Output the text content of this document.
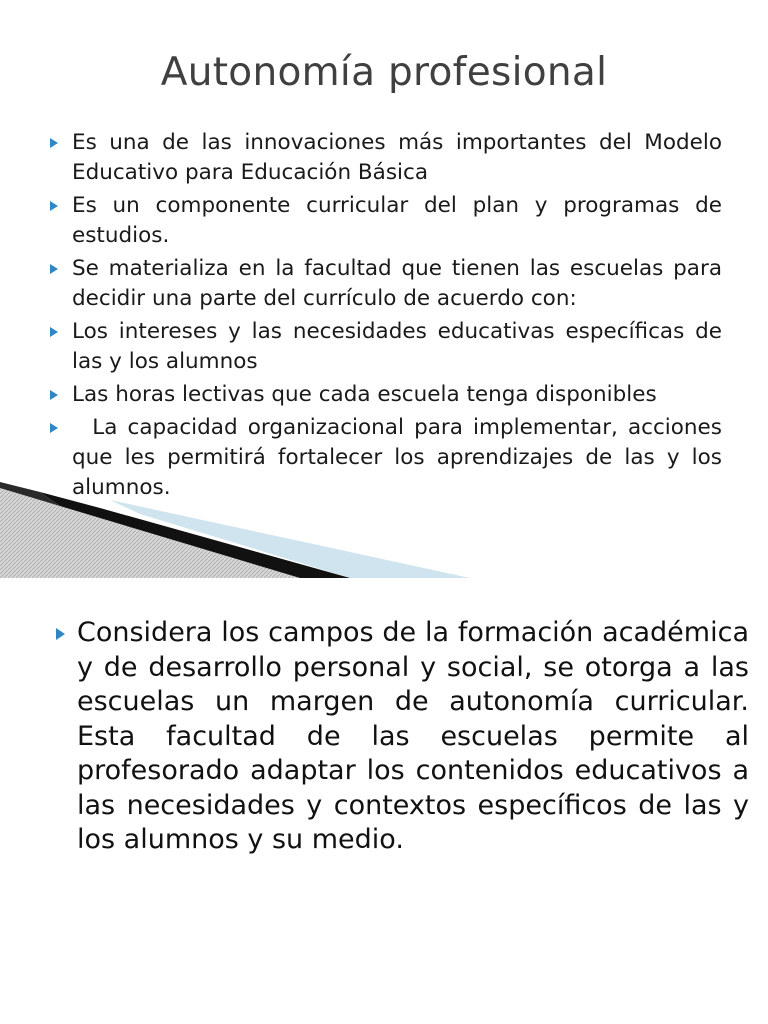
Autonomía profesional
Es una de las innovaciones más importantes del Modelo Educativo para Educación Básica
Es un componente curricular del plan y programas de estudios.
Se materializa en la facultad que tienen las escuelas para decidir una parte del currículo de acuerdo con:
Los intereses y las necesidades educativas específicas de las y los alumnos
Las horas lectivas que cada escuela tenga disponibles
La capacidad organizacional para implementar, acciones que les permitirá fortalecer los aprendizajes de las y los alumnos.

Considera los campos de la formación académica y de desarrollo personal y social, se otorga a las escuelas un margen de autonomía curricular. Esta facultad de las escuelas permite al profesorado adaptar los contenidos educativos a las necesidades y contextos específicos de las y los alumnos y su medio.
